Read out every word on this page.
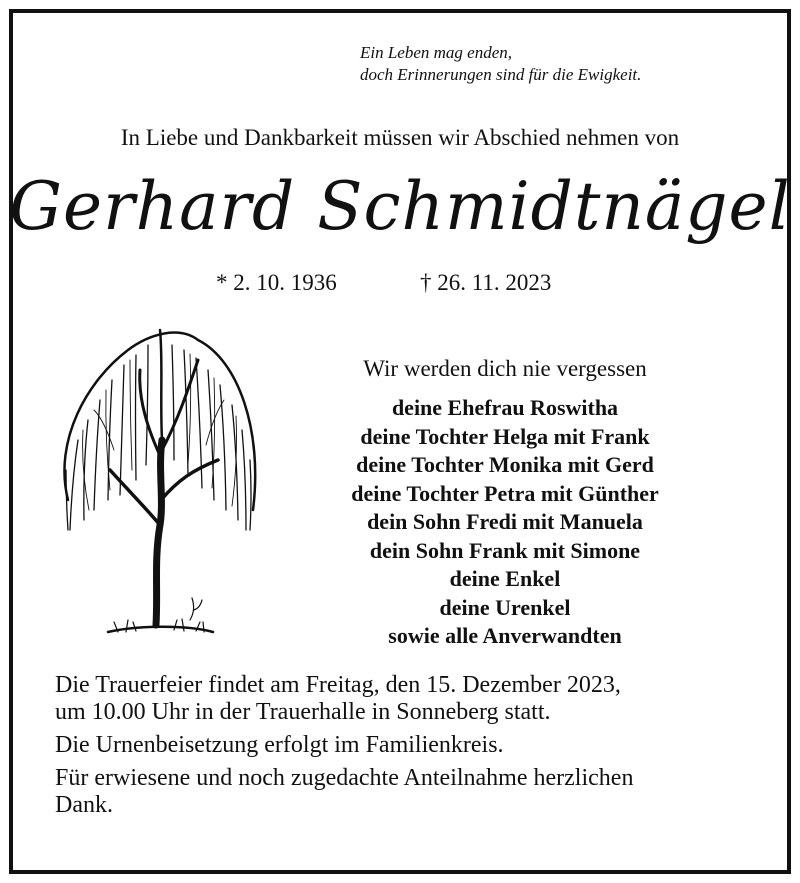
Ein Leben mag enden,
doch Erinnerungen sind für die Ewigkeit.
In Liebe und Dankbarkeit müssen wir Abschied nehmen von
Gerhard Schmidtnägel
* 2. 10. 1936	† 26. 11. 2023
Wir werden dich nie vergessen
deine Ehefrau Roswitha
deine Tochter Helga mit Frank
deine Tochter Monika mit Gerd
deine Tochter Petra mit Günther
dein Sohn Fredi mit Manuela
dein Sohn Frank mit Simone
deine Enkel
deine Urenkel
sowie alle Anverwandten

Die Trauerfeier findet am Freitag, den 15. Dezember 2023,
um 10.00 Uhr in der Trauerhalle in Sonneberg statt.

Die Urnenbeisetzung erfolgt im Familienkreis.

Für erwiesene und noch zugedachte Anteilnahme herzlichen
Dank.
